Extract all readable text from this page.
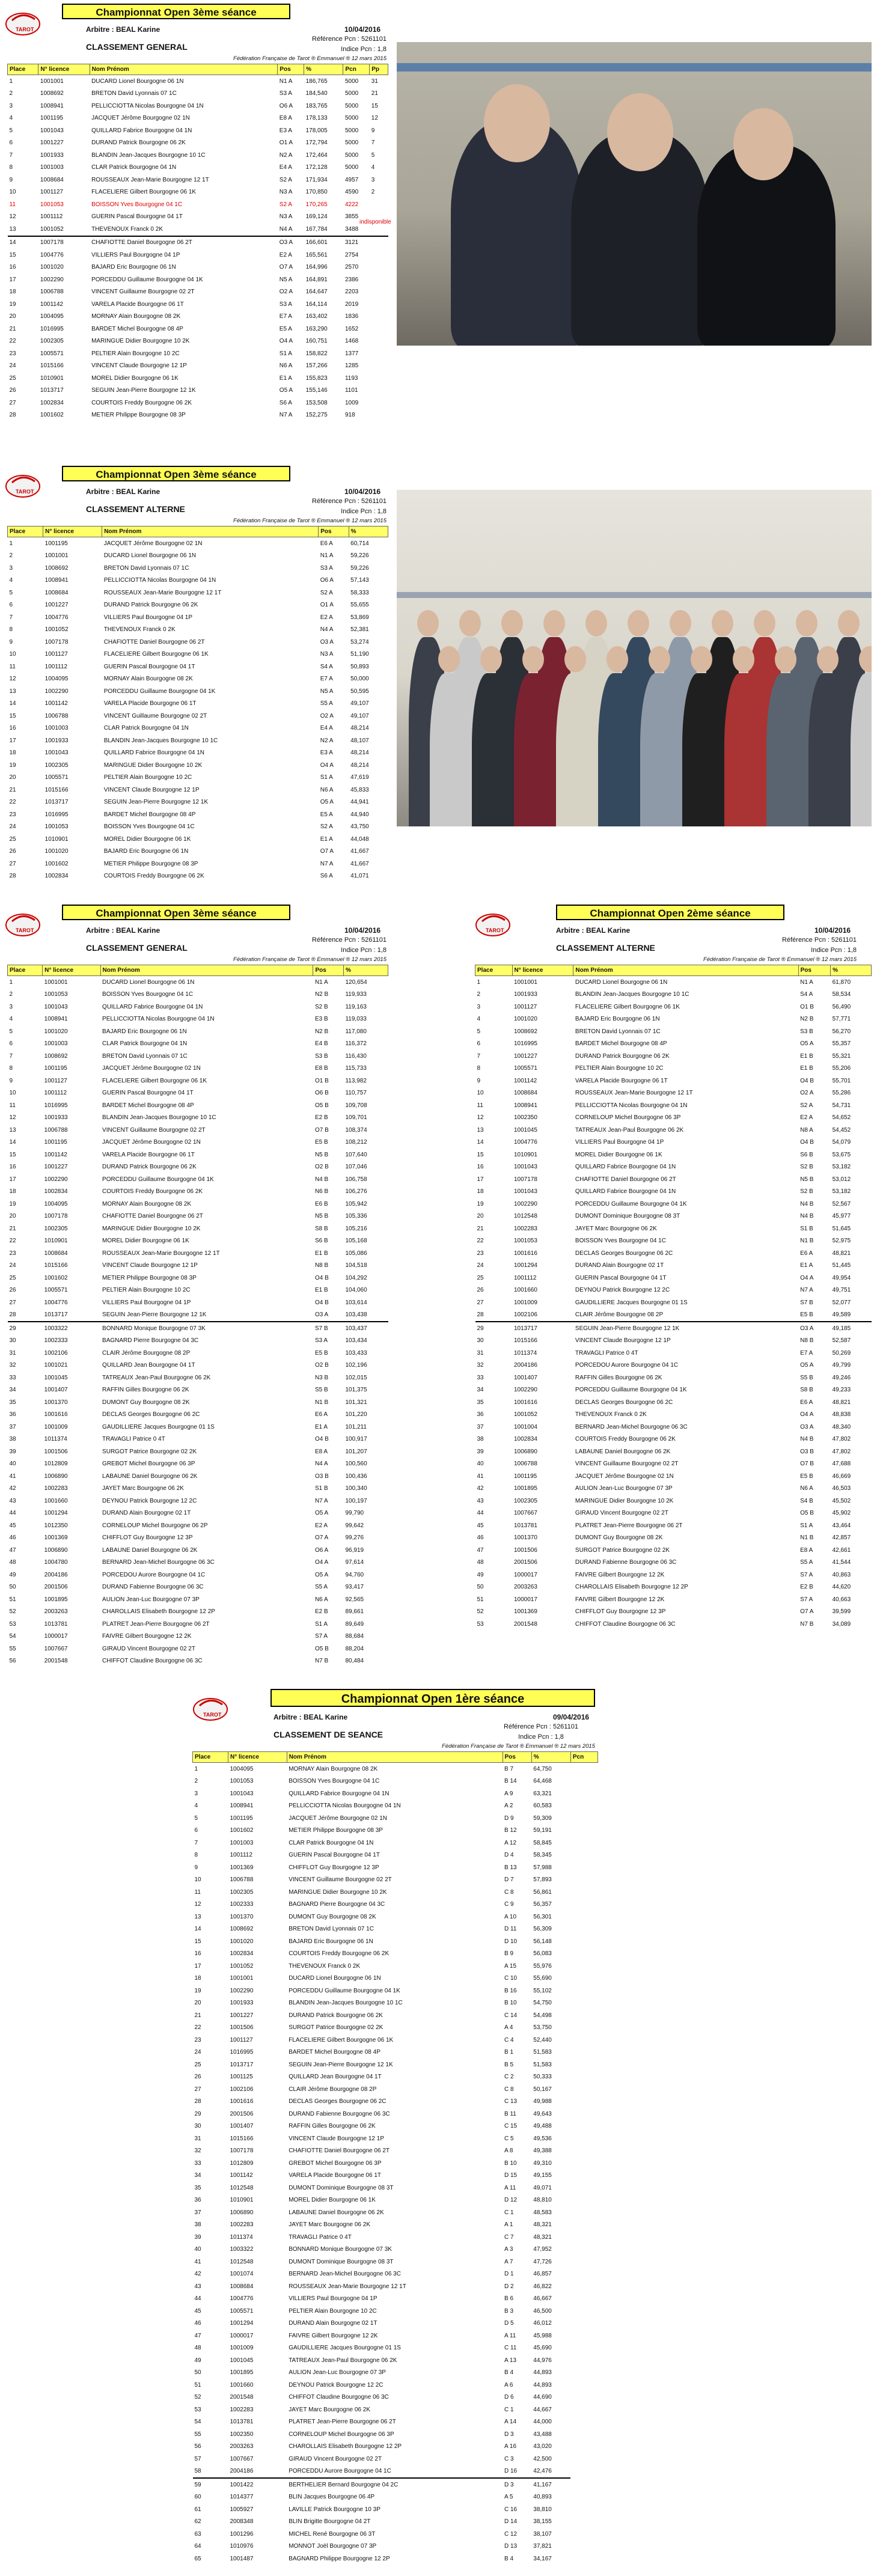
TAROT
Championnat Open 3ème séance
Arbitre : BEAL Karine	10/04/2016
Référence Pcn : 5261101
CLASSEMENT GENERAL	Indice Pcn : 1,8
Fédération Française de Tarot ® Emmanuel ® 12 mars 2015
Place	N° licence	Nom Prénom	Pos	%	Pcn	Pp
1	1001001	DUCARD Lionel Bourgogne 06 1N	N1 A	186,765	5000	31
2	1008692	BRETON David Lyonnais 07 1C	S3 A	184,540	5000	21
3	1008941	PELLICCIOTTA Nicolas Bourgogne 04 1N	O6 A	183,765	5000	15
4	1001195	JACQUET Jérôme Bourgogne 02 1N	E8 A	178,133	5000	12
5	1001043	QUILLARD Fabrice Bourgogne 04 1N	E3 A	178,005	5000	9
6	1001227	DURAND Patrick Bourgogne 06 2K	O1 A	172,794	5000	7
7	1001933	BLANDIN Jean-Jacques Bourgogne 10 1C	N2 A	172,464	5000	5
8	1001003	CLAR Patrick Bourgogne 04 1N	E4 A	172,128	5000	4
9	1008684	ROUSSEAUX Jean-Marie Bourgogne 12 1T	S2 A	171,934	4957	3
10	1001127	FLACELIERE Gilbert Bourgogne 06 1K	N3 A	170,850	4590	2
11	1001053	BOISSON Yves Bourgogne 04 1C	S2 A	170,265	4222	
12	1001112	GUERIN Pascal Bourgogne 04 1T	N3 A	169,124	3855	
13	1001052	THEVENOUX Franck 0 2K	N4 A	167,784	3488	
14	1007178	CHAFIOTTE Daniel Bourgogne 06 2T	O3 A	166,601	3121	
15	1004776	VILLIERS Paul Bourgogne 04 1P	E2 A	165,561	2754	
16	1001020	BAJARD Eric Bourgogne 06 1N	O7 A	164,996	2570	
17	1002290	PORCEDDU Guillaume Bourgogne 04 1K	N5 A	164,891	2386	
18	1006788	VINCENT Guillaume Bourgogne 02 2T	O2 A	164,647	2203	
19	1001142	VARELA Placide Bourgogne 06 1T	S3 A	164,114	2019	
20	1004095	MORNAY Alain Bourgogne 08 2K	E7 A	163,402	1836	
21	1016995	BARDET Michel Bourgogne 08 4P	E5 A	163,290	1652	
22	1002305	MARINGUE Didier Bourgogne 10 2K	O4 A	160,751	1468	
23	1005571	PELTIER Alain Bourgogne 10 2C	S1 A	158,822	1377	
24	1015166	VINCENT Claude Bourgogne 12 1P	N6 A	157,266	1285	
25	1010901	MOREL Didier Bourgogne 06 1K	E1 A	155,823	1193	
26	1013717	SEGUIN Jean-Pierre Bourgogne 12 1K	O5 A	155,146	1101	
27	1002834	COURTOIS Freddy Bourgogne 06 2K	S6 A	153,508	1009	
28	1001602	METIER Philippe Bourgogne 08 3P	N7 A	152,275	918	
indisponible
TAROT
Championnat Open 3ème séance
Arbitre : BEAL Karine	10/04/2016
Référence Pcn : 5261101
CLASSEMENT ALTERNE	Indice Pcn : 1,8
Fédération Française de Tarot ® Emmanuel ® 12 mars 2015
Place	N° licence	Nom Prénom	Pos	%
1	1001195	JACQUET Jérôme Bourgogne 02 1N	E6 A	60,714
2	1001001	DUCARD Lionel Bourgogne 06 1N	N1 A	59,226
3	1008692	BRETON David Lyonnais 07 1C	S3 A	59,226
4	1008941	PELLICCIOTTA Nicolas Bourgogne 04 1N	O6 A	57,143
5	1008684	ROUSSEAUX Jean-Marie Bourgogne 12 1T	S2 A	58,333
6	1001227	DURAND Patrick Bourgogne 06 2K	O1 A	55,655
7	1004776	VILLIERS Paul Bourgogne 04 1P	E2 A	53,869
8	1001052	THEVENOUX Franck 0 2K	N4 A	52,381
9	1007178	CHAFIOTTE Daniel Bourgogne 06 2T	O3 A	53,274
10	1001127	FLACELIERE Gilbert Bourgogne 06 1K	N3 A	51,190
11	1001112	GUERIN Pascal Bourgogne 04 1T	S4 A	50,893
12	1004095	MORNAY Alain Bourgogne 08 2K	E7 A	50,000
13	1002290	PORCEDDU Guillaume Bourgogne 04 1K	N5 A	50,595
14	1001142	VARELA Placide Bourgogne 06 1T	S5 A	49,107
15	1006788	VINCENT Guillaume Bourgogne 02 2T	O2 A	49,107
16	1001003	CLAR Patrick Bourgogne 04 1N	E4 A	48,214
17	1001933	BLANDIN Jean-Jacques Bourgogne 10 1C	N2 A	48,107
18	1001043	QUILLARD Fabrice Bourgogne 04 1N	E3 A	48,214
19	1002305	MARINGUE Didier Bourgogne 10 2K	O4 A	48,214
20	1005571	PELTIER Alain Bourgogne 10 2C	S1 A	47,619
21	1015166	VINCENT Claude Bourgogne 12 1P	N6 A	45,833
22	1013717	SEGUIN Jean-Pierre Bourgogne 12 1K	O5 A	44,941
23	1016995	BARDET Michel Bourgogne 08 4P	E5 A	44,940
24	1001053	BOISSON Yves Bourgogne 04 1C	S2 A	43,750
25	1010901	MOREL Didier Bourgogne 06 1K	E1 A	44,048
26	1001020	BAJARD Eric Bourgogne 06 1N	O7 A	41,667
27	1001602	METIER Philippe Bourgogne 08 3P	N7 A	41,667
28	1002834	COURTOIS Freddy Bourgogne 06 2K	S6 A	41,071
TAROT
Championnat Open 3ème séance
Arbitre : BEAL Karine	10/04/2016
Référence Pcn : 5261101
CLASSEMENT GENERAL	Indice Pcn : 1,8
Fédération Française de Tarot ® Emmanuel ® 12 mars 2015
Place	N° licence	Nom Prénom	Pos	%
1	1001001	DUCARD Lionel Bourgogne 06 1N	N1 A	120,654
2	1001053	BOISSON Yves Bourgogne 04 1C	N2 B	119,933
3	1001043	QUILLARD Fabrice Bourgogne 04 1N	S2 B	119,163
4	1008941	PELLICCIOTTA Nicolas Bourgogne 04 1N	E3 B	119,033
5	1001020	BAJARD Eric Bourgogne 06 1N	N2 B	117,080
6	1001003	CLAR Patrick Bourgogne 04 1N	E4 B	116,372
7	1008692	BRETON David Lyonnais 07 1C	S3 B	116,430
8	1001195	JACQUET Jérôme Bourgogne 02 1N	E8 B	115,733
9	1001127	FLACELIERE Gilbert Bourgogne 06 1K	O1 B	113,982
10	1001112	GUERIN Pascal Bourgogne 04 1T	O6 B	110,757
11	1016995	BARDET Michel Bourgogne 08 4P	O5 B	109,708
12	1001933	BLANDIN Jean-Jacques Bourgogne 10 1C	E2 B	109,701
13	1006788	VINCENT Guillaume Bourgogne 02 2T	O7 B	108,374
14	1001195	JACQUET Jérôme Bourgogne 02 1N	E5 B	108,212
15	1001142	VARELA Placide Bourgogne 06 1T	N5 B	107,640
16	1001227	DURAND Patrick Bourgogne 06 2K	O2 B	107,046
17	1002290	PORCEDDU Guillaume Bourgogne 04 1K	N4 B	106,758
18	1002834	COURTOIS Freddy Bourgogne 06 2K	N6 B	106,276
19	1004095	MORNAY Alain Bourgogne 08 2K	E6 B	105,942
20	1007178	CHAFIOTTE Daniel Bourgogne 06 2T	N5 B	105,336
21	1002305	MARINGUE Didier Bourgogne 10 2K	S8 B	105,216
22	1010901	MOREL Didier Bourgogne 06 1K	S6 B	105,168
23	1008684	ROUSSEAUX Jean-Marie Bourgogne 12 1T	E1 B	105,086
24	1015166	VINCENT Claude Bourgogne 12 1P	N8 B	104,518
25	1001602	METIER Philippe Bourgogne 08 3P	O4 B	104,292
26	1005571	PELTIER Alain Bourgogne 10 2C	E1 B	104,060
27	1004776	VILLIERS Paul Bourgogne 04 1P	O4 B	103,614
28	1013717	SEGUIN Jean-Pierre Bourgogne 12 1K	O3 A	103,438
29	1003322	BONNARD Monique Bourgogne 07 3K	S7 B	103,437
30	1002333	BAGNARD Pierre Bourgogne 04 3C	S3 A	103,434
31	1002106	CLAIR Jérôme Bourgogne 08 2P	E5 B	103,433
32	1001021	QUILLARD Jean Bourgogne 04 1T	O2 B	102,196
33	1001045	TATREAUX Jean-Paul Bourgogne 06 2K	N3 B	102,015
34	1001407	RAFFIN Gilles Bourgogne 06 2K	S5 B	101,375
35	1001370	DUMONT Guy Bourgogne 08 2K	N1 B	101,321
36	1001616	DECLAS Georges Bourgogne 06 2C	E6 A	101,220
37	1001009	GAUDILLIERE Jacques Bourgogne 01 1S	E1 A	101,211
38	1011374	TRAVAGLI Patrice 0 4T	O4 B	100,917
39	1001506	SURGOT Patrice Bourgogne 02 2K	E8 A	101,207
40	1012809	GREBOT Michel Bourgogne 06 3P	N4 A	100,560
41	1006890	LABAUNE Daniel Bourgogne 06 2K	O3 B	100,436
42	1002283	JAYET Marc Bourgogne 06 2K	S1 B	100,340
43	1001660	DEYNOU Patrick Bourgogne 12 2C	N7 A	100,197
44	1001294	DURAND Alain Bourgogne 02 1T	O5 A	99,790
45	1012350	CORNELOUP Michel Bourgogne 06 2P	E2 A	99,642
46	1001369	CHIFFLOT Guy Bourgogne 12 3P	O7 A	99,276
47	1006890	LABAUNE Daniel Bourgogne 06 2K	O6 A	96,919
48	1004780	BERNARD Jean-Michel Bourgogne 06 3C	O4 A	97,614
49	2004186	PORCEDOU Aurore Bourgogne 04 1C	O5 A	94,760
50	2001506	DURAND Fabienne Bourgogne 06 3C	S5 A	93,417
51	1001895	AULION Jean-Luc Bourgogne 07 3P	N6 A	92,565
52	2003263	CHAROLLAIS Elisabeth Bourgogne 12 2P	E2 B	89,661
53	1013781	PLATRET Jean-Pierre Bourgogne 06 2T	S1 A	89,649
54	1000017	FAIVRE Gilbert Bourgogne 12 2K	S7 A	88,684
55	1007667	GIRAUD Vincent Bourgogne 02 2T	O5 B	88,204
56	2001548	CHIFFOT Claudine Bourgogne 06 3C	N7 B	80,484
TAROT
Championnat Open 2ème séance
Arbitre : BEAL Karine	10/04/2016
Référence Pcn : 5261101
CLASSEMENT ALTERNE	Indice Pcn : 1,8
Fédération Française de Tarot ® Emmanuel ® 12 mars 2015
Place	N° licence	Nom Prénom	Pos	%
1	1001001	DUCARD Lionel Bourgogne 06 1N	N1 A	61,870
2	1001933	BLANDIN Jean-Jacques Bourgogne 10 1C	S4 A	58,534
3	1001127	FLACELIERE Gilbert Bourgogne 06 1K	O1 B	56,490
4	1001020	BAJARD Eric Bourgogne 06 1N	N2 B	57,771
5	1008692	BRETON David Lyonnais 07 1C	S3 B	56,270
6	1016995	BARDET Michel Bourgogne 08 4P	O5 A	55,357
7	1001227	DURAND Patrick Bourgogne 06 2K	E1 B	55,321
8	1005571	PELTIER Alain Bourgogne 10 2C	E1 B	55,206
9	1001142	VARELA Placide Bourgogne 06 1T	O4 B	55,701
10	1008684	ROUSSEAUX Jean-Marie Bourgogne 12 1T	O2 A	55,286
11	1008941	PELLICCIOTTA Nicolas Bourgogne 04 1N	S2 A	54,731
12	1002350	CORNELOUP Michel Bourgogne 06 3P	E2 A	54,652
13	1001045	TATREAUX Jean-Paul Bourgogne 06 2K	N8 A	54,452
14	1004776	VILLIERS Paul Bourgogne 04 1P	O4 B	54,079
15	1010901	MOREL Didier Bourgogne 06 1K	S6 B	53,675
16	1001043	QUILLARD Fabrice Bourgogne 04 1N	S2 B	53,182
17	1007178	CHAFIOTTE Daniel Bourgogne 06 2T	N5 B	53,012
18	1001043	QUILLARD Fabrice Bourgogne 04 1N	S2 B	53,182
19	1002290	PORCEDDU Guillaume Bourgogne 04 1K	N4 B	52,567
20	1012548	DUMONT Dominique Bourgogne 08 3T	N4 B	45,977
21	1002283	JAYET Marc Bourgogne 06 2K	S1 B	51,645
22	1001053	BOISSON Yves Bourgogne 04 1C	N1 B	52,975
23	1001616	DECLAS Georges Bourgogne 06 2C	E6 A	48,821
24	1001294	DURAND Alain Bourgogne 02 1T	E1 A	51,445
25	1001112	GUERIN Pascal Bourgogne 04 1T	O4 A	49,954
26	1001660	DEYNOU Patrick Bourgogne 12 2C	N7 A	49,751
27	1001009	GAUDILLIERE Jacques Bourgogne 01 1S	S7 B	52,077
28	1002106	CLAIR Jérôme Bourgogne 08 2P	E5 B	49,589
29	1013717	SEGUIN Jean-Pierre Bourgogne 12 1K	O3 A	49,185
30	1015166	VINCENT Claude Bourgogne 12 1P	N8 B	52,587
31	1011374	TRAVAGLI Patrice 0 4T	E7 A	50,269
32	2004186	PORCEDOU Aurore Bourgogne 04 1C	O5 A	49,799
33	1001407	RAFFIN Gilles Bourgogne 06 2K	S5 B	49,246
34	1002290	PORCEDDU Guillaume Bourgogne 04 1K	S8 B	49,233
35	1001616	DECLAS Georges Bourgogne 06 2C	E6 A	48,821
36	1001052	THEVENOUX Franck 0 2K	O4 A	48,838
37	1001004	BERNARD Jean-Michel Bourgogne 06 3C	O3 A	48,340
38	1002834	COURTOIS Freddy Bourgogne 06 2K	N4 B	47,802
39	1006890	LABAUNE Daniel Bourgogne 06 2K	O3 B	47,802
40	1006788	VINCENT Guillaume Bourgogne 02 2T	O7 B	47,688
41	1001195	JACQUET Jérôme Bourgogne 02 1N	E5 B	46,669
42	1001895	AULION Jean-Luc Bourgogne 07 3P	N6 A	46,503
43	1002305	MARINGUE Didier Bourgogne 10 2K	S4 B	45,502
44	1007667	GIRAUD Vincent Bourgogne 02 2T	O5 B	45,902
45	1013781	PLATRET Jean-Pierre Bourgogne 06 2T	S1 A	43,464
46	1001370	DUMONT Guy Bourgogne 08 2K	N1 B	42,857
47	1001506	SURGOT Patrice Bourgogne 02 2K	E8 A	42,661
48	2001506	DURAND Fabienne Bourgogne 06 3C	S5 A	41,544
49	1000017	FAIVRE Gilbert Bourgogne 12 2K	S7 A	40,863
50	2003263	CHAROLLAIS Elisabeth Bourgogne 12 2P	E2 B	44,620
51	1000017	FAIVRE Gilbert Bourgogne 12 2K	S7 A	40,663
52	1001369	CHIFFLOT Guy Bourgogne 12 3P	O7 A	39,599
53	2001548	CHIFFOT Claudine Bourgogne 06 3C	N7 B	34,089
TAROT
Championnat Open 1ère séance
Arbitre : BEAL Karine	09/04/2016
Référence Pcn : 5261101
CLASSEMENT DE SEANCE	Indice Pcn : 1,8
Fédération Française de Tarot ® Emmanuel ® 12 mars 2015
Place	N° licence	Nom Prénom	Pos	%	Pcn
1	1004095	MORNAY Alain Bourgogne 08 2K	B 7	64,750	
2	1001053	BOISSON Yves Bourgogne 04 1C	B 14	64,468	
3	1001043	QUILLARD Fabrice Bourgogne 04 1N	A 9	63,321	
4	1008941	PELLICCIOTTA Nicolas Bourgogne 04 1N	A 2	60,583	
5	1001195	JACQUET Jérôme Bourgogne 02 1N	D 9	59,309	
6	1001602	METIER Philippe Bourgogne 08 3P	B 12	59,191	
7	1001003	CLAR Patrick Bourgogne 04 1N	A 12	58,845	
8	1001112	GUERIN Pascal Bourgogne 04 1T	D 4	58,345	
9	1001369	CHIFFLOT Guy Bourgogne 12 3P	B 13	57,988	
10	1006788	VINCENT Guillaume Bourgogne 02 2T	D 7	57,893	
11	1002305	MARINGUE Didier Bourgogne 10 2K	C 8	56,861	
12	1002333	BAGNARD Pierre Bourgogne 04 3C	C 9	56,357	
13	1001370	DUMONT Guy Bourgogne 08 2K	A 10	56,301	
14	1008692	BRETON David Lyonnais 07 1C	D 11	56,309	
15	1001020	BAJARD Eric Bourgogne 06 1N	D 10	56,148	
16	1002834	COURTOIS Freddy Bourgogne 06 2K	B 9	56,083	
17	1001052	THEVENOUX Franck 0 2K	A 15	55,976	
18	1001001	DUCARD Lionel Bourgogne 06 1N	C 10	55,690	
19	1002290	PORCEDDU Guillaume Bourgogne 04 1K	B 16	55,102	
20	1001933	BLANDIN Jean-Jacques Bourgogne 10 1C	B 10	54,750	
21	1001227	DURAND Patrick Bourgogne 06 2K	C 14	54,498	
22	1001506	SURGOT Patrice Bourgogne 02 2K	A 4	53,750	
23	1001127	FLACELIERE Gilbert Bourgogne 06 1K	C 4	52,440	
24	1016995	BARDET Michel Bourgogne 08 4P	B 1	51,583	
25	1013717	SEGUIN Jean-Pierre Bourgogne 12 1K	B 5	51,583	
26	1001125	QUILLARD Jean Bourgogne 04 1T	C 2	50,333	
27	1002106	CLAIR Jérôme Bourgogne 08 2P	C 8	50,167	
28	1001616	DECLAS Georges Bourgogne 06 2C	C 13	49,988	
29	2001506	DURAND Fabienne Bourgogne 06 3C	B 11	49,643	
30	1001407	RAFFIN Gilles Bourgogne 06 2K	C 15	49,488	
31	1015166	VINCENT Claude Bourgogne 12 1P	C 5	49,536	
32	1007178	CHAFIOTTE Daniel Bourgogne 06 2T	A 8	49,388	
33	1012809	GREBOT Michel Bourgogne 06 3P	B 10	49,310	
34	1001142	VARELA Placide Bourgogne 06 1T	D 15	49,155	
35	1012548	DUMONT Dominique Bourgogne 08 3T	A 11	49,071	
36	1010901	MOREL Didier Bourgogne 06 1K	D 12	48,810	
37	1006890	LABAUNE Daniel Bourgogne 06 2K	C 1	48,583	
38	1002283	JAYET Marc Bourgogne 06 2K	A 1	48,321	
39	1011374	TRAVAGLI Patrice 0 4T	C 7	48,321	
40	1003322	BONNARD Monique Bourgogne 07 3K	A 3	47,952	
41	1012548	DUMONT Dominique Bourgogne 08 3T	A 7	47,726	
42	1001074	BERNARD Jean-Michel Bourgogne 06 3C	D 1	46,857	
43	1008684	ROUSSEAUX Jean-Marie Bourgogne 12 1T	D 2	46,822	
44	1004776	VILLIERS Paul Bourgogne 04 1P	B 6	46,667	
45	1005571	PELTIER Alain Bourgogne 10 2C	B 3	46,500	
46	1001294	DURAND Alain Bourgogne 02 1T	D 5	46,012	
47	1000017	FAIVRE Gilbert Bourgogne 12 2K	A 11	45,988	
48	1001009	GAUDILLIERE Jacques Bourgogne 01 1S	C 11	45,690	
49	1001045	TATREAUX Jean-Paul Bourgogne 06 2K	A 13	44,976	
50	1001895	AULION Jean-Luc Bourgogne 07 3P	B 4	44,893	
51	1001660	DEYNOU Patrick Bourgogne 12 2C	A 6	44,893	
52	2001548	CHIFFOT Claudine Bourgogne 06 3C	D 6	44,690	
53	1002283	JAYET Marc Bourgogne 06 2K	C 1	44,667	
54	1013781	PLATRET Jean-Pierre Bourgogne 06 2T	A 14	44,000	
55	1002350	CORNELOUP Michel Bourgogne 06 3P	D 3	43,488	
56	2003263	CHAROLLAIS Elisabeth Bourgogne 12 2P	A 16	43,020	
57	1007667	GIRAUD Vincent Bourgogne 02 2T	C 3	42,500	
58	2004186	PORCEDDU Aurore Bourgogne 04 1C	D 16	42,476	
59	1001422	BERTHELIER Bernard Bourgogne 04 2C	D 3	41,167	
60	1014377	BLIN Jacques Bourgogne 06 4P	A 5	40,893	
61	1005927	LAVILLE Patrick Bourgogne 10 3P	C 16	38,810	
62	2008348	BLIN Brigitte Bourgogne 04 2T	D 14	38,155	
63	1001296	MICHEL René Bourgogne 06 3T	C 12	38,107	
64	1010976	MONNOT Joël Bourgogne 07 3P	D 13	37,821	
65	1001487	BAGNARD Philippe Bourgogne 12 2P	B 4	34,167	
